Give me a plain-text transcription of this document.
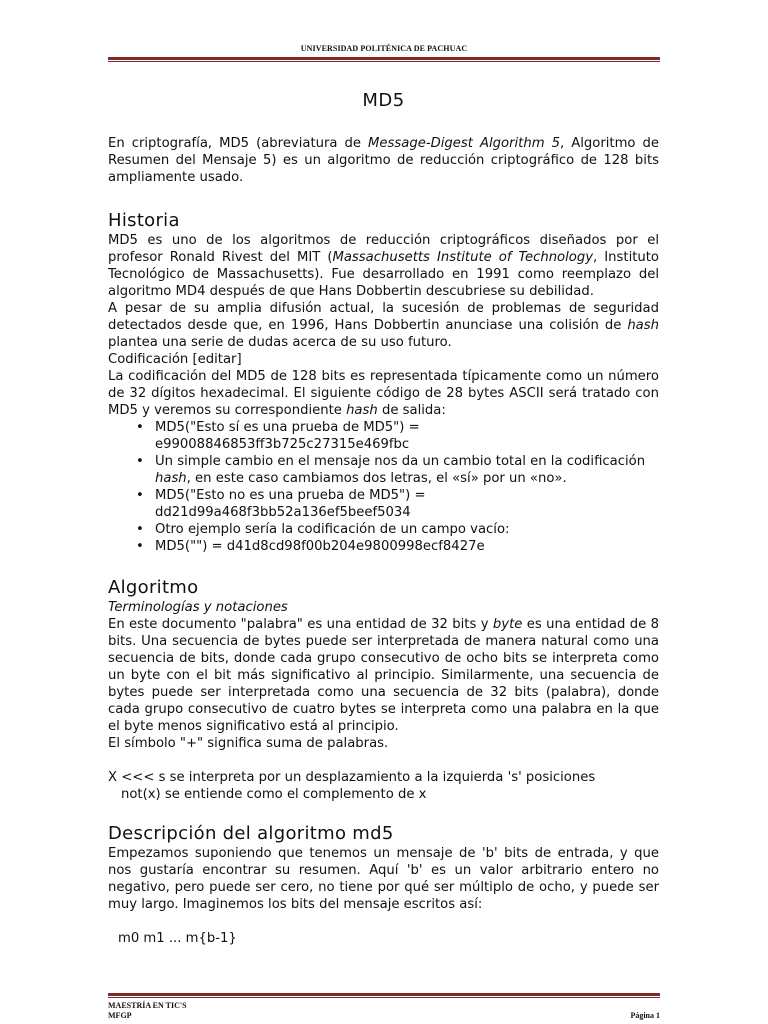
UNIVERSIDAD POLITÉNICA DE PACHUAC
MD5

En criptografía, MD5 (abreviatura de Message-Digest Algorithm 5, Algoritmo de Resumen del Mensaje 5) es un algoritmo de reducción criptográfico de 128 bits ampliamente usado.

Historia

MD5 es uno de los algoritmos de reducción criptográficos diseñados por el profesor Ronald Rivest del MIT (Massachusetts Institute of Technology, Instituto Tecnológico de Massachusetts). Fue desarrollado en 1991 como reemplazo del algoritmo MD4 después de que Hans Dobbertin descubriese su debilidad.

A pesar de su amplia difusión actual, la sucesión de problemas de seguridad detectados desde que, en 1996, Hans Dobbertin anunciase una colisión de hash plantea una serie de dudas acerca de su uso futuro.

Codificación [editar]

La codificación del MD5 de 128 bits es representada típicamente como un número de 32 dígitos hexadecimal. El siguiente código de 28 bytes ASCII será tratado con MD5 y veremos su correspondiente hash de salida:

• MD5("Esto sí es una prueba de MD5") = e99008846853ff3b725c27315e469fbc
• Un simple cambio en el mensaje nos da un cambio total en la codificación hash, en este caso cambiamos dos letras, el «sí» por un «no».
• MD5("Esto no es una prueba de MD5") = dd21d99a468f3bb52a136ef5beef5034
• Otro ejemplo sería la codificación de un campo vacío:
• MD5("") = d41d8cd98f00b204e9800998ecf8427e
Algoritmo

Terminologías y notaciones

En este documento "palabra" es una entidad de 32 bits y byte es una entidad de 8 bits. Una secuencia de bytes puede ser interpretada de manera natural como una secuencia de bits, donde cada grupo consecutivo de ocho bits se interpreta como un byte con el bit más significativo al principio. Similarmente, una secuencia de bytes puede ser interpretada como una secuencia de 32 bits (palabra), donde cada grupo consecutivo de cuatro bytes se interpreta como una palabra en la que el byte menos significativo está al principio.

El símbolo "+" significa suma de palabras.

X <<< s se interpreta por un desplazamiento a la izquierda 's' posiciones

not(x) se entiende como el complemento de x

Descripción del algoritmo md5

Empezamos suponiendo que tenemos un mensaje de 'b' bits de entrada, y que nos gustaría encontrar su resumen. Aquí 'b' es un valor arbitrario entero no negativo, pero puede ser cero, no tiene por qué ser múltiplo de ocho, y puede ser muy largo. Imaginemos los bits del mensaje escritos así:

m0 m1 ... m{b-1}

MAESTRÍA EN TIC'S
MFGP	Página 1
